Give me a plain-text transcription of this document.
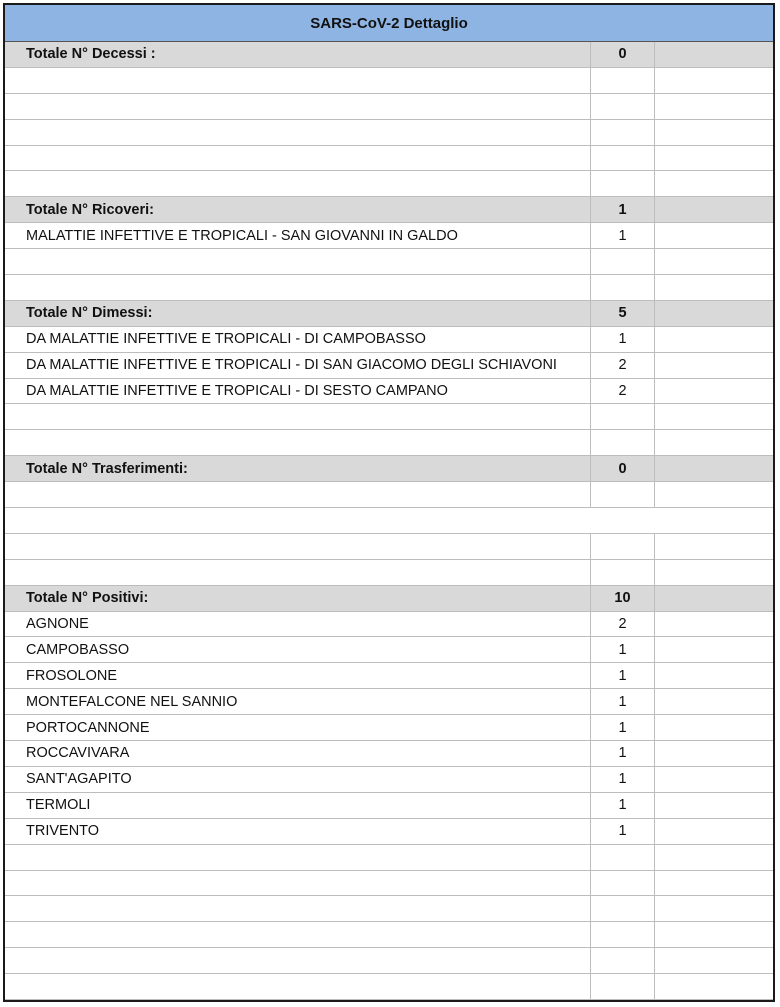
SARS-CoV-2 Dettaglio
Totale N° Decessi :	0
Totale N° Ricoveri:	1
MALATTIE INFETTIVE E TROPICALI - SAN GIOVANNI IN GALDO	1
Totale N° Dimessi:	5
DA MALATTIE INFETTIVE E TROPICALI - DI CAMPOBASSO	1
DA MALATTIE INFETTIVE E TROPICALI - DI SAN GIACOMO DEGLI SCHIAVONI	2
DA MALATTIE INFETTIVE E TROPICALI - DI SESTO CAMPANO	2
Totale N° Trasferimenti:	0
Totale N° Positivi:	10
AGNONE	2
CAMPOBASSO	1
FROSOLONE	1
MONTEFALCONE NEL SANNIO	1
PORTOCANNONE	1
ROCCAVIVARA	1
SANT'AGAPITO	1
TERMOLI	1
TRIVENTO	1
